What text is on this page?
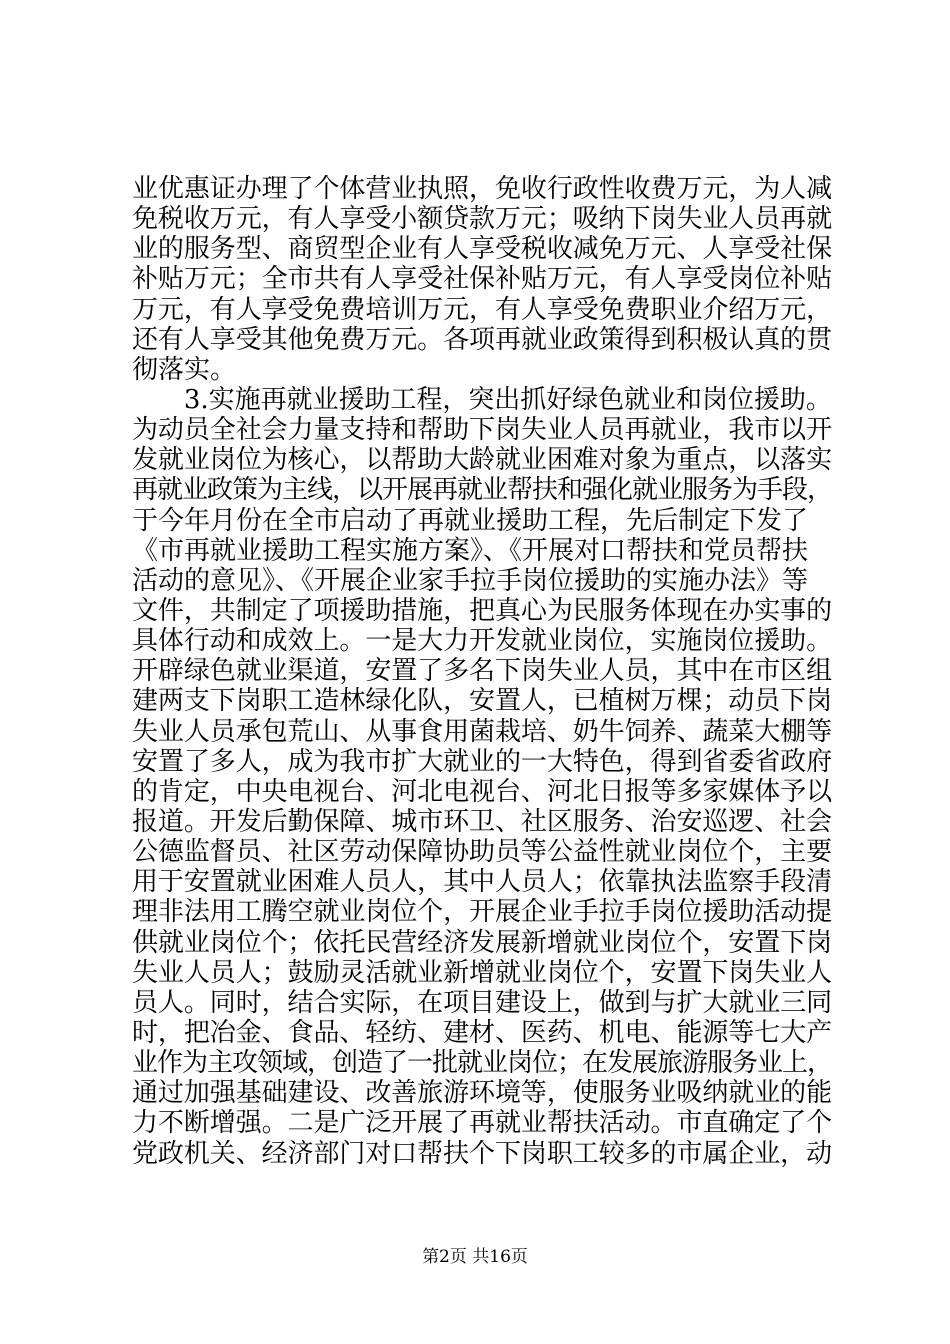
业优惠证办理了个体营业执照，免收行政性收费万元，为人减
免税收万元，有人享受小额贷款万元；吸纳下岗失业人员再就
业的服务型、商贸型企业有人享受税收减免万元、人享受社保
补贴万元；全市共有人享受社保补贴万元，有人享受岗位补贴
万元，有人享受免费培训万元，有人享受免费职业介绍万元，
还有人享受其他免费万元。各项再就业政策得到积极认真的贯
彻落实。
　　3.实施再就业援助工程，突出抓好绿色就业和岗位援助。
为动员全社会力量支持和帮助下岗失业人员再就业，我市以开
发就业岗位为核心，以帮助大龄就业困难对象为重点，以落实
再就业政策为主线，以开展再就业帮扶和强化就业服务为手段，
于今年月份在全市启动了再就业援助工程，先后制定下发了
《市再就业援助工程实施方案》、《开展对口帮扶和党员帮扶
活动的意见》、《开展企业家手拉手岗位援助的实施办法》等
文件，共制定了项援助措施，把真心为民服务体现在办实事的
具体行动和成效上。一是大力开发就业岗位，实施岗位援助。
开辟绿色就业渠道，安置了多名下岗失业人员，其中在市区组
建两支下岗职工造林绿化队，安置人，已植树万棵；动员下岗
失业人员承包荒山、从事食用菌栽培、奶牛饲养、蔬菜大棚等
安置了多人，成为我市扩大就业的一大特色，得到省委省政府
的肯定，中央电视台、河北电视台、河北日报等多家媒体予以
报道。开发后勤保障、城市环卫、社区服务、治安巡逻、社会
公德监督员、社区劳动保障协助员等公益性就业岗位个，主要
用于安置就业困难人员人，其中人员人；依靠执法监察手段清
理非法用工腾空就业岗位个，开展企业手拉手岗位援助活动提
供就业岗位个；依托民营经济发展新增就业岗位个，安置下岗
失业人员人；鼓励灵活就业新增就业岗位个，安置下岗失业人
员人。同时，结合实际，在项目建设上，做到与扩大就业三同
时，把冶金、食品、轻纺、建材、医药、机电、能源等七大产
业作为主攻领域，创造了一批就业岗位；在发展旅游服务业上，
通过加强基础建设、改善旅游环境等，使服务业吸纳就业的能
力不断增强。二是广泛开展了再就业帮扶活动。市直确定了个
党政机关、经济部门对口帮扶个下岗职工较多的市属企业，动
第2页 共16页
